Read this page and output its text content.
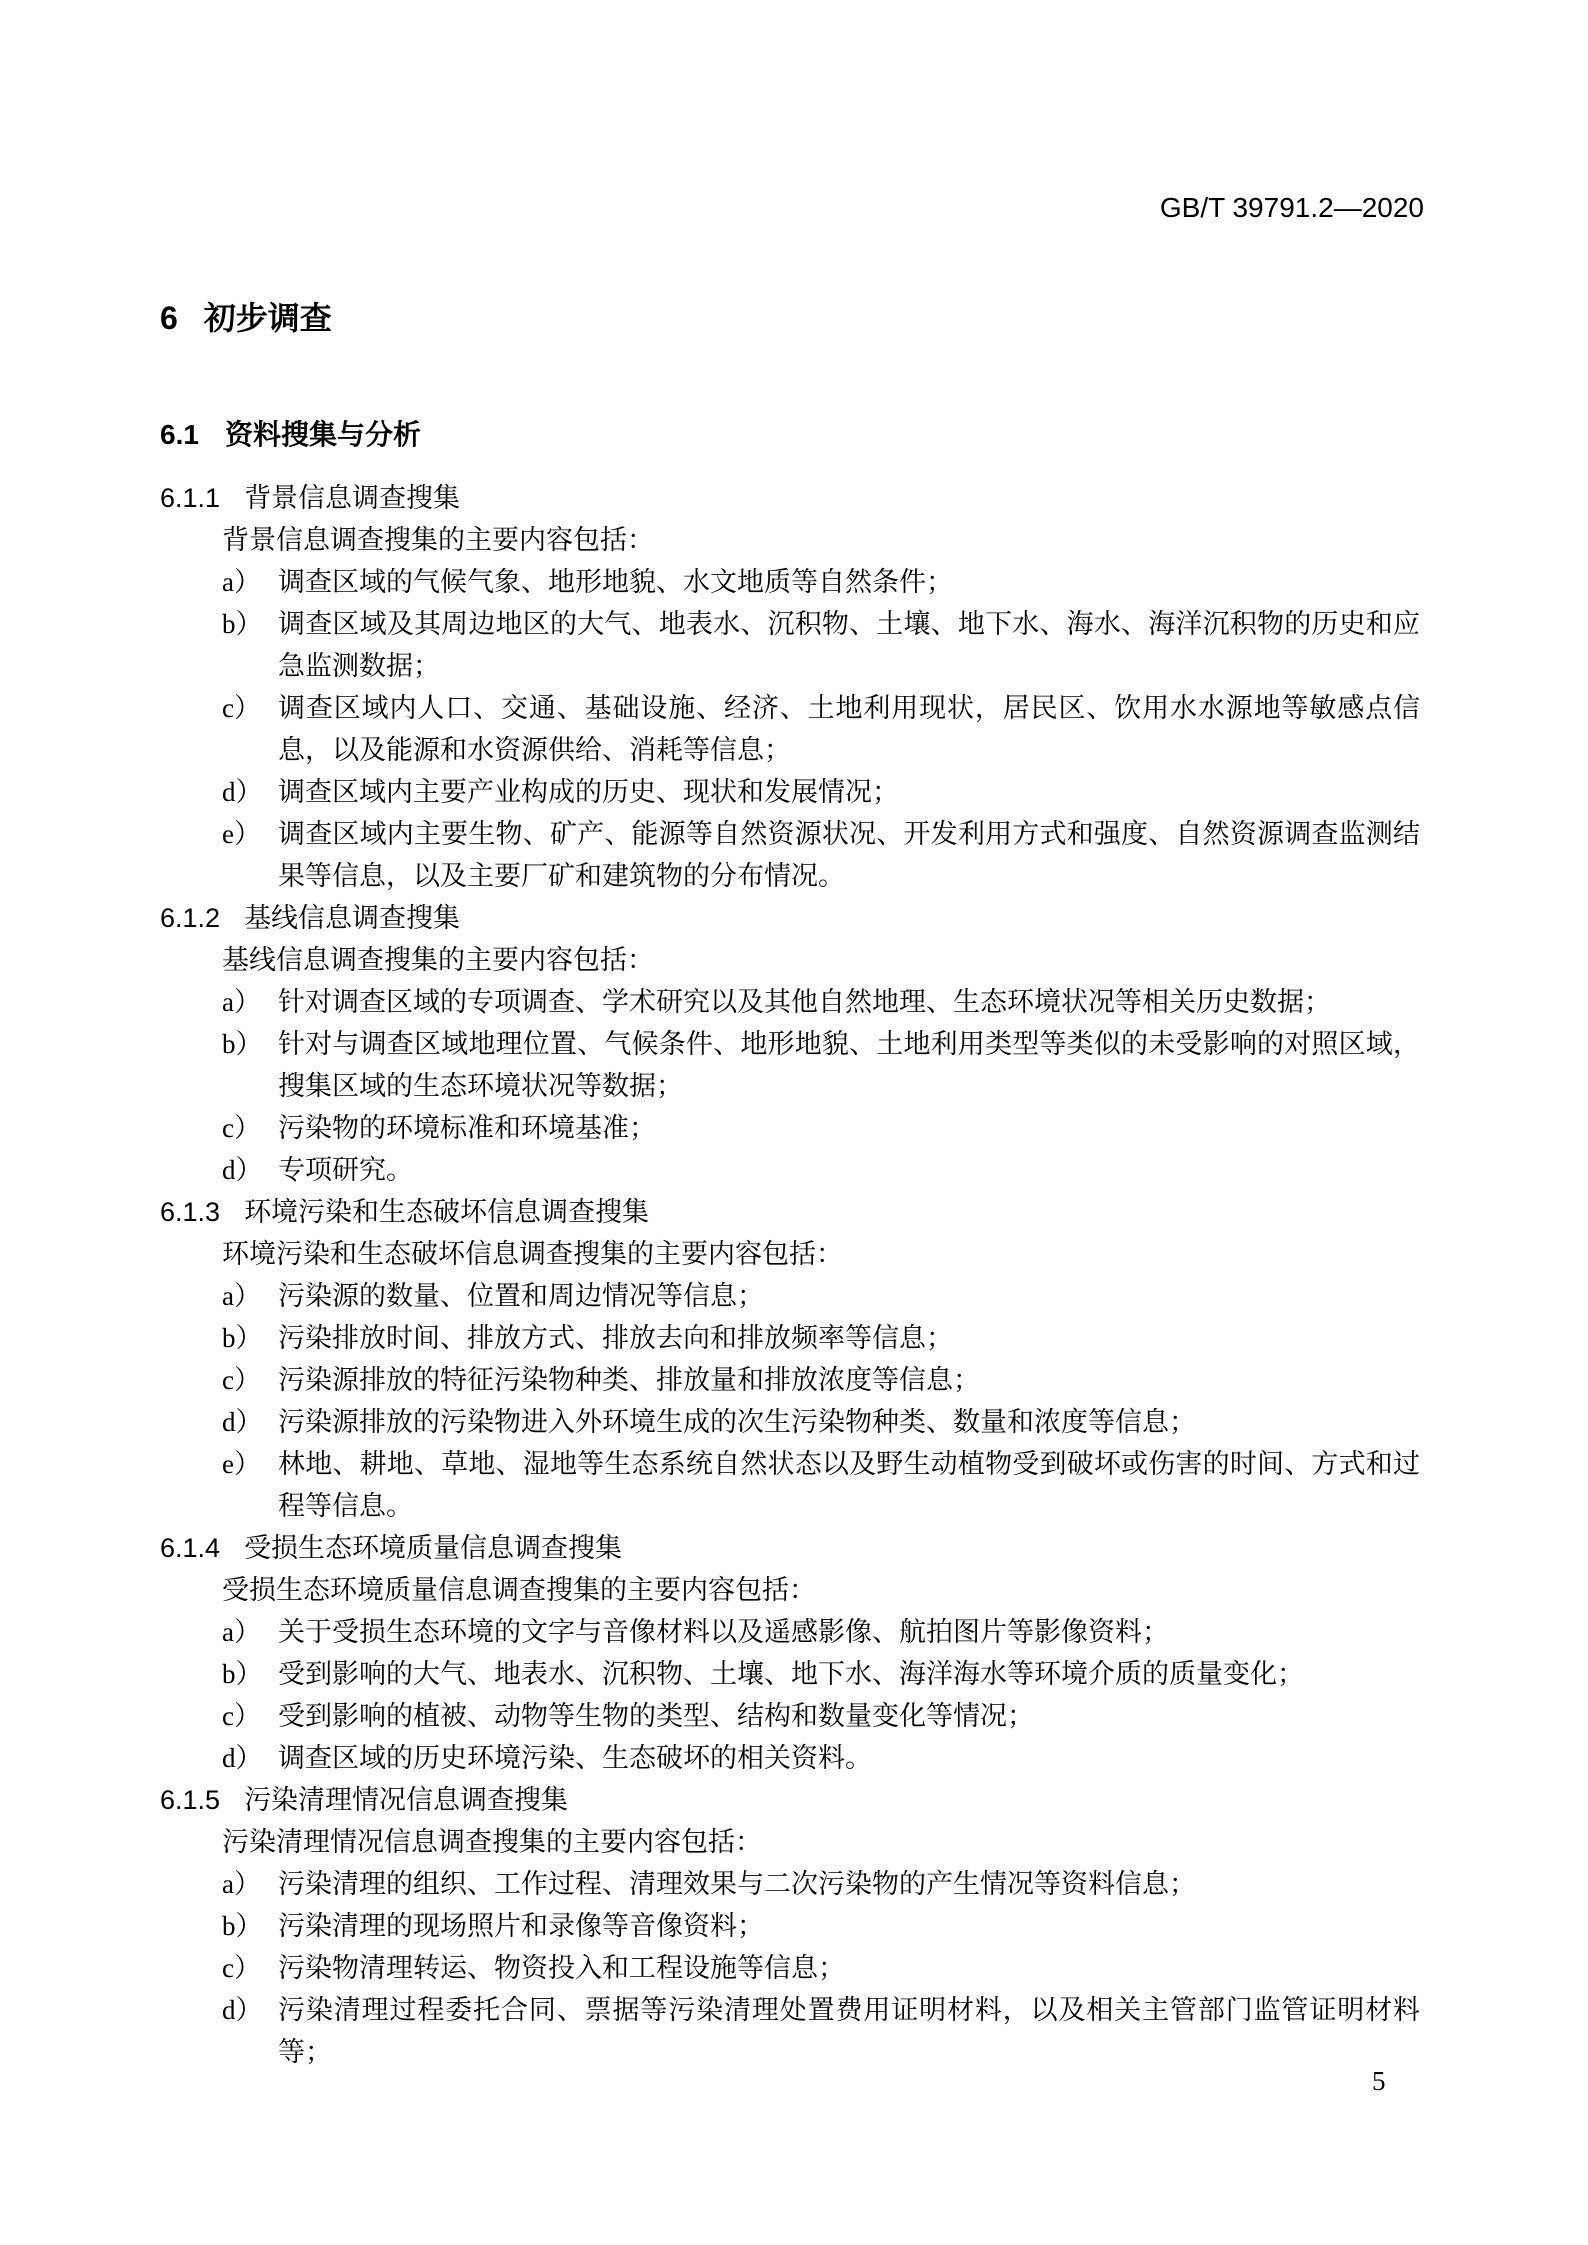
GB/T 39791.2—2020
6 初步调查
6.1 资料搜集与分析
6.1.1 背景信息调查搜集

背景信息调查搜集的主要内容包括：

a） 调查区域的气候气象、地形地貌、水文地质等自然条件；
b） 调查区域及其周边地区的大气、地表水、沉积物、土壤、地下水、海水、海洋沉积物的历史和应急监测数据；
c） 调查区域内人口、交通、基础设施、经济、土地利用现状，居民区、饮用水水源地等敏感点信息，以及能源和水资源供给、消耗等信息；
d） 调查区域内主要产业构成的历史、现状和发展情况；
e） 调查区域内主要生物、矿产、能源等自然资源状况、开发利用方式和强度、自然资源调查监测结果等信息，以及主要厂矿和建筑物的分布情况。
6.1.2 基线信息调查搜集

基线信息调查搜集的主要内容包括：

a） 针对调查区域的专项调查、学术研究以及其他自然地理、生态环境状况等相关历史数据；
b） 针对与调查区域地理位置、气候条件、地形地貌、土地利用类型等类似的未受影响的对照区域，搜集区域的生态环境状况等数据；
c） 污染物的环境标准和环境基准；
d） 专项研究。
6.1.3 环境污染和生态破坏信息调查搜集

环境污染和生态破坏信息调查搜集的主要内容包括：

a） 污染源的数量、位置和周边情况等信息；
b） 污染排放时间、排放方式、排放去向和排放频率等信息；
c） 污染源排放的特征污染物种类、排放量和排放浓度等信息；
d） 污染源排放的污染物进入外环境生成的次生污染物种类、数量和浓度等信息；
e） 林地、耕地、草地、湿地等生态系统自然状态以及野生动植物受到破坏或伤害的时间、方式和过程等信息。
6.1.4 受损生态环境质量信息调查搜集

受损生态环境质量信息调查搜集的主要内容包括：

a） 关于受损生态环境的文字与音像材料以及遥感影像、航拍图片等影像资料；
b） 受到影响的大气、地表水、沉积物、土壤、地下水、海洋海水等环境介质的质量变化；
c） 受到影响的植被、动物等生物的类型、结构和数量变化等情况；
d） 调查区域的历史环境污染、生态破坏的相关资料。
6.1.5 污染清理情况信息调查搜集

污染清理情况信息调查搜集的主要内容包括：

a） 污染清理的组织、工作过程、清理效果与二次污染物的产生情况等资料信息；
b） 污染清理的现场照片和录像等音像资料；
c） 污染物清理转运、物资投入和工程设施等信息；
d） 污染清理过程委托合同、票据等污染清理处置费用证明材料，以及相关主管部门监管证明材料等；
5
